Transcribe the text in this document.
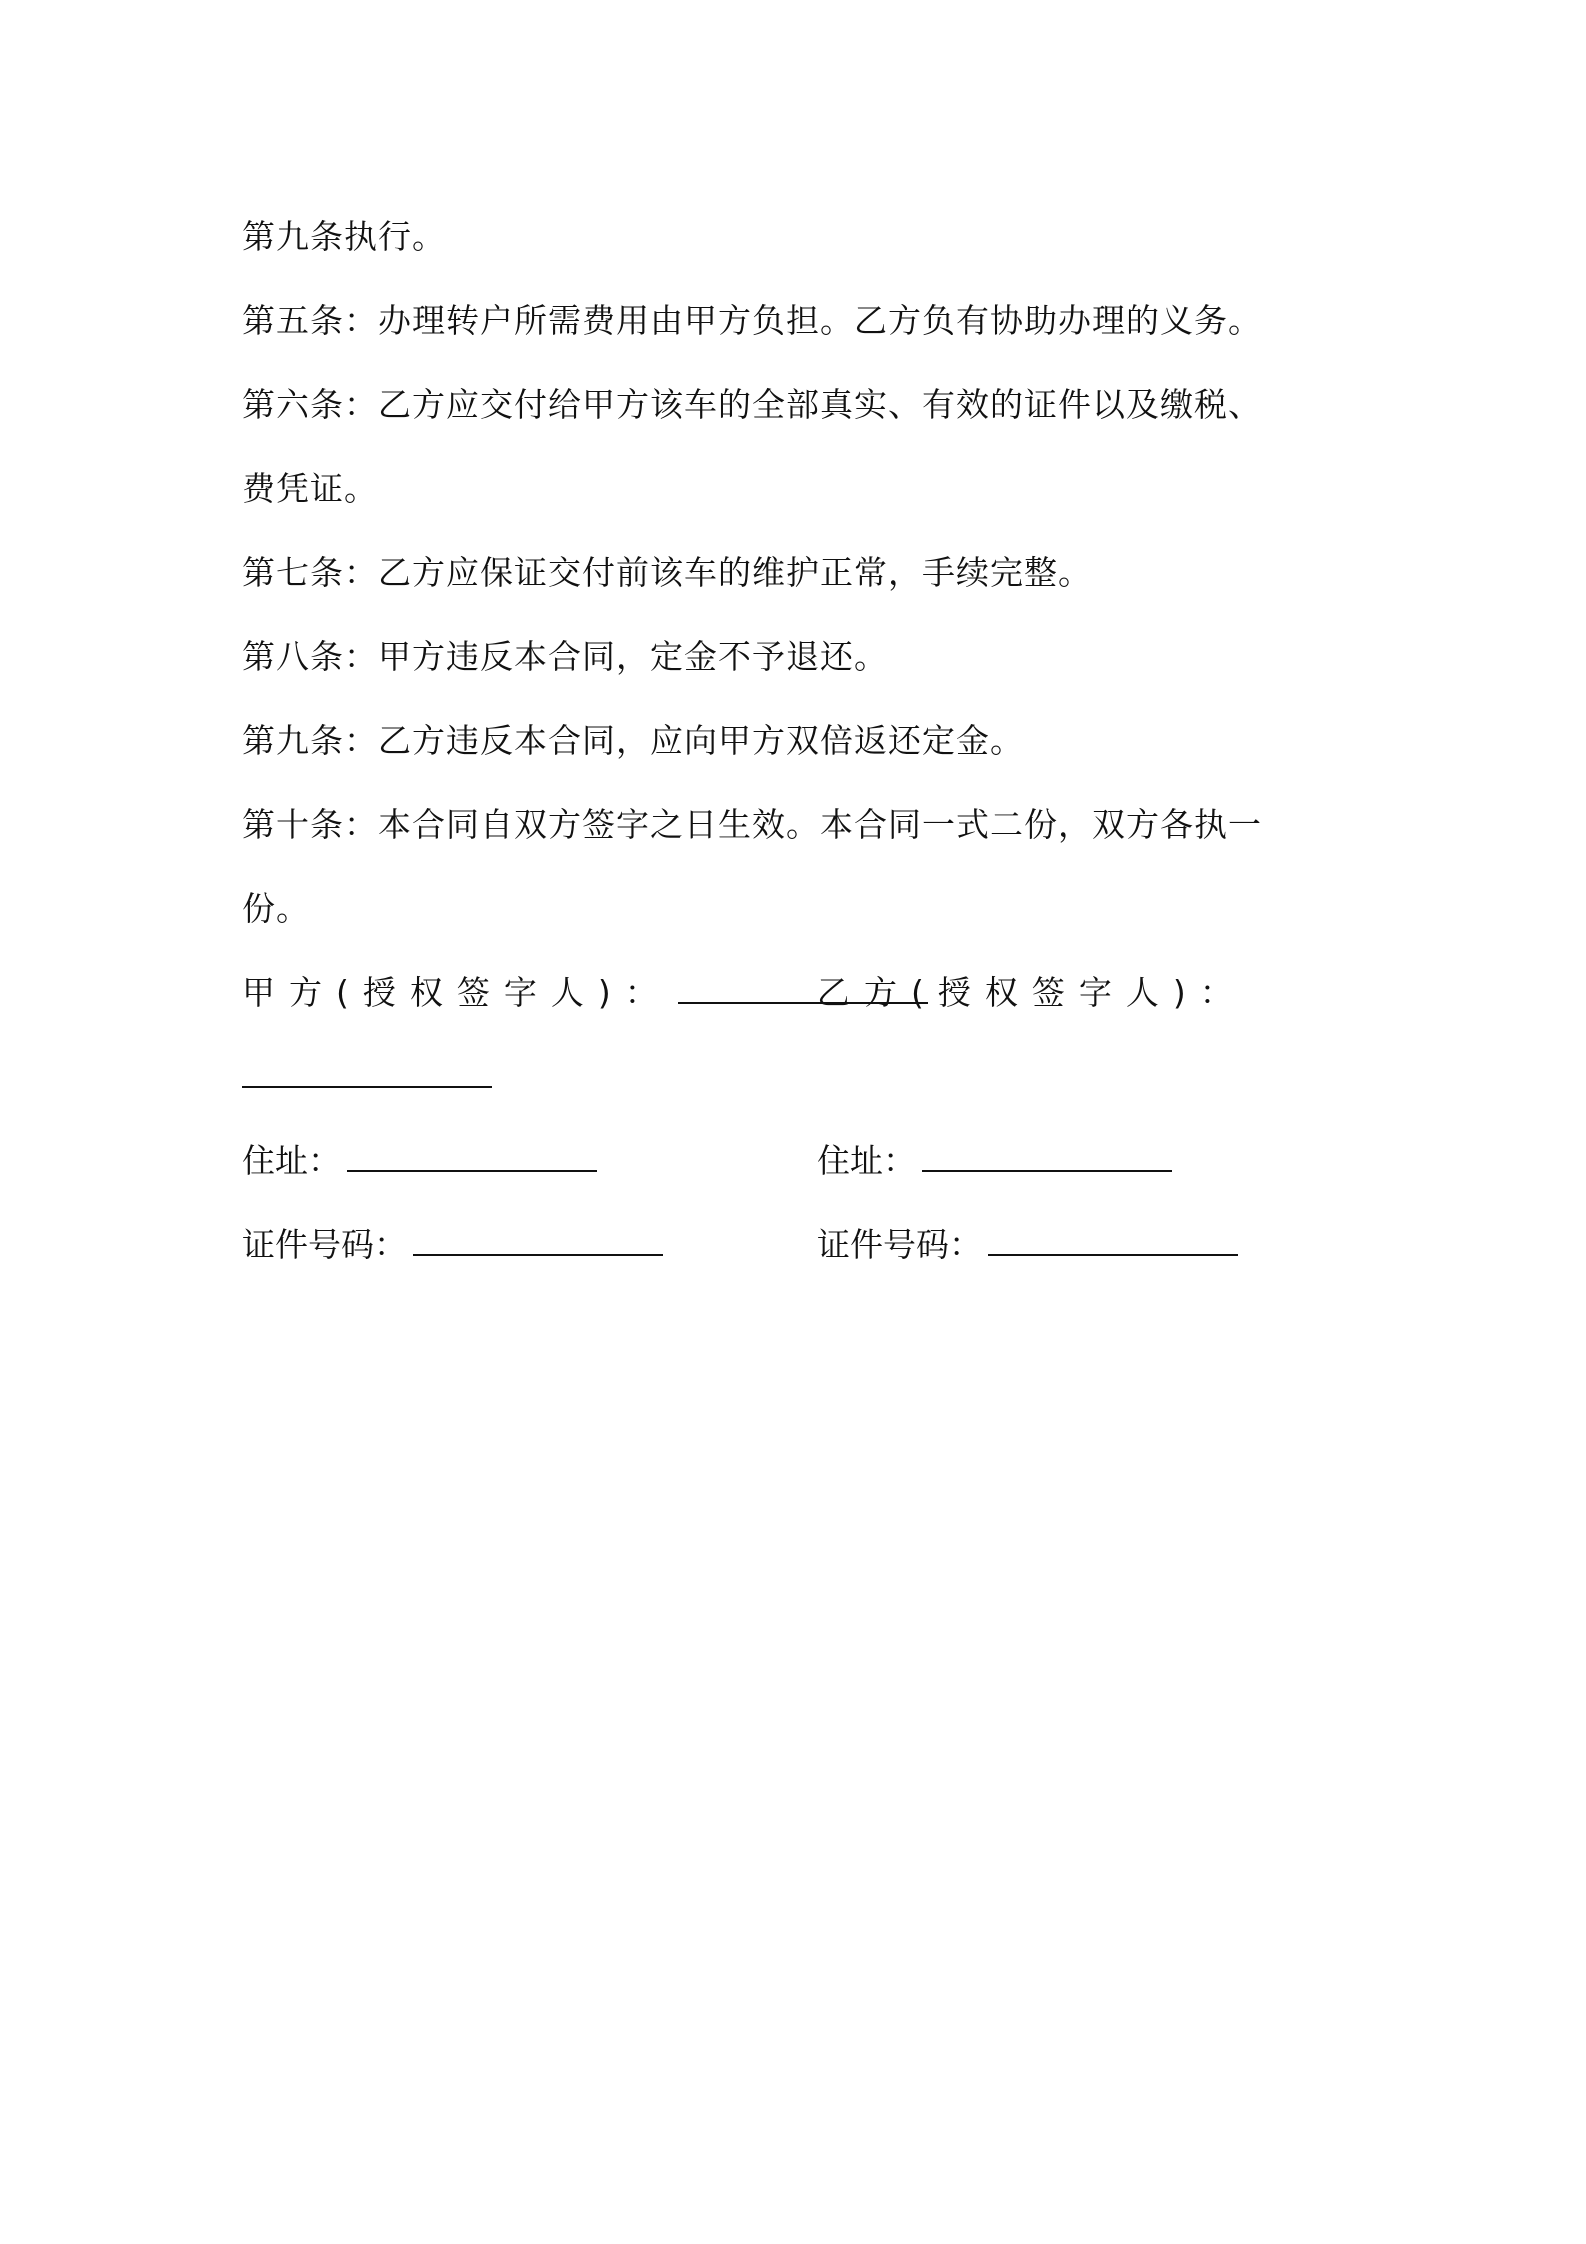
第九条执行。
第五条：办理转户所需费用由甲方负担。乙方负有协助办理的义务。
第六条：乙方应交付给甲方该车的全部真实、有效的证件以及缴税、
费凭证。
第七条：乙方应保证交付前该车的维护正常，手续完整。
第八条：甲方违反本合同，定金不予退还。
第九条：乙方违反本合同，应向甲方双倍返还定金。
第十条：本合同自双方签字之日生效。本合同一式二份，双方各执一
份。
甲方(授权签字人)：	乙方(授权签字人)：
住址：	住址：
证件号码：	证件号码：
